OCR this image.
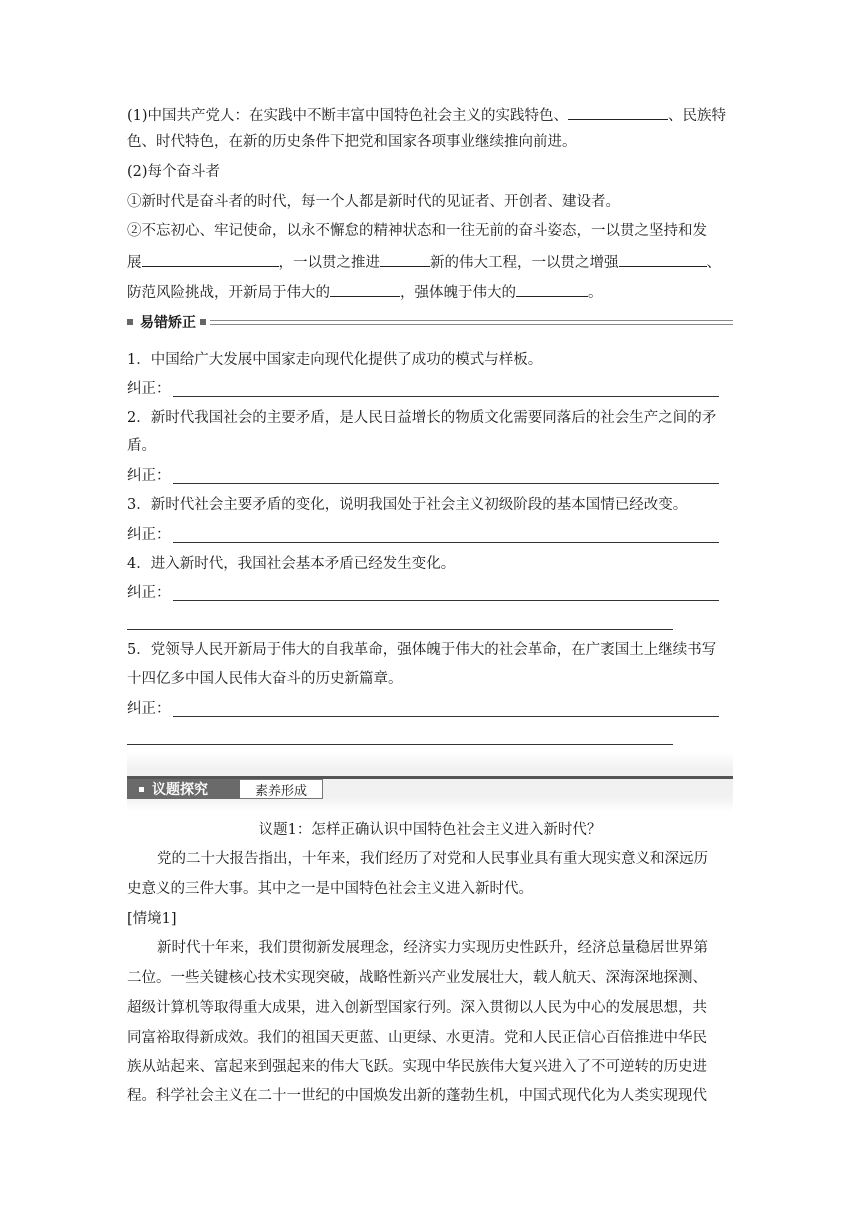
(1)中国共产党人：在实践中不断丰富中国特色社会主义的实践特色、	、民族特
色、时代特色，在新的历史条件下把党和国家各项事业继续推向前进。
(2)每个奋斗者
①新时代是奋斗者的时代，每一个人都是新时代的见证者、开创者、建设者。
②不忘初心、牢记使命，以永不懈怠的精神状态和一往无前的奋斗姿态，一以贯之坚持和发
展	，一以贯之推进	新的伟大工程，一以贯之增强	、
防范风险挑战，开新局于伟大的	，强体魄于伟大的	。
易错矫正
1．中国给广大发展中国家走向现代化提供了成功的模式与样板。
纠正：
2．新时代我国社会的主要矛盾，是人民日益增长的物质文化需要同落后的社会生产之间的矛
盾。
纠正：
3．新时代社会主要矛盾的变化，说明我国处于社会主义初级阶段的基本国情已经改变。
纠正：
4．进入新时代，我国社会基本矛盾已经发生变化。
纠正：
5．党领导人民开新局于伟大的自我革命，强体魄于伟大的社会革命，在广袤国土上继续书写
十四亿多中国人民伟大奋斗的历史新篇章。
纠正：
议题探究	素养形成
议题1：怎样正确认识中国特色社会主义进入新时代？
党的二十大报告指出，十年来，我们经历了对党和人民事业具有重大现实意义和深远历
史意义的三件大事。其中之一是中国特色社会主义进入新时代。
[情境1]
新时代十年来，我们贯彻新发展理念，经济实力实现历史性跃升，经济总量稳居世界第
二位。一些关键核心技术实现突破，战略性新兴产业发展壮大，载人航天、深海深地探测、
超级计算机等取得重大成果，进入创新型国家行列。深入贯彻以人民为中心的发展思想，共
同富裕取得新成效。我们的祖国天更蓝、山更绿、水更清。党和人民正信心百倍推进中华民
族从站起来、富起来到强起来的伟大飞跃。实现中华民族伟大复兴进入了不可逆转的历史进
程。科学社会主义在二十一世纪的中国焕发出新的蓬勃生机，中国式现代化为人类实现现代
